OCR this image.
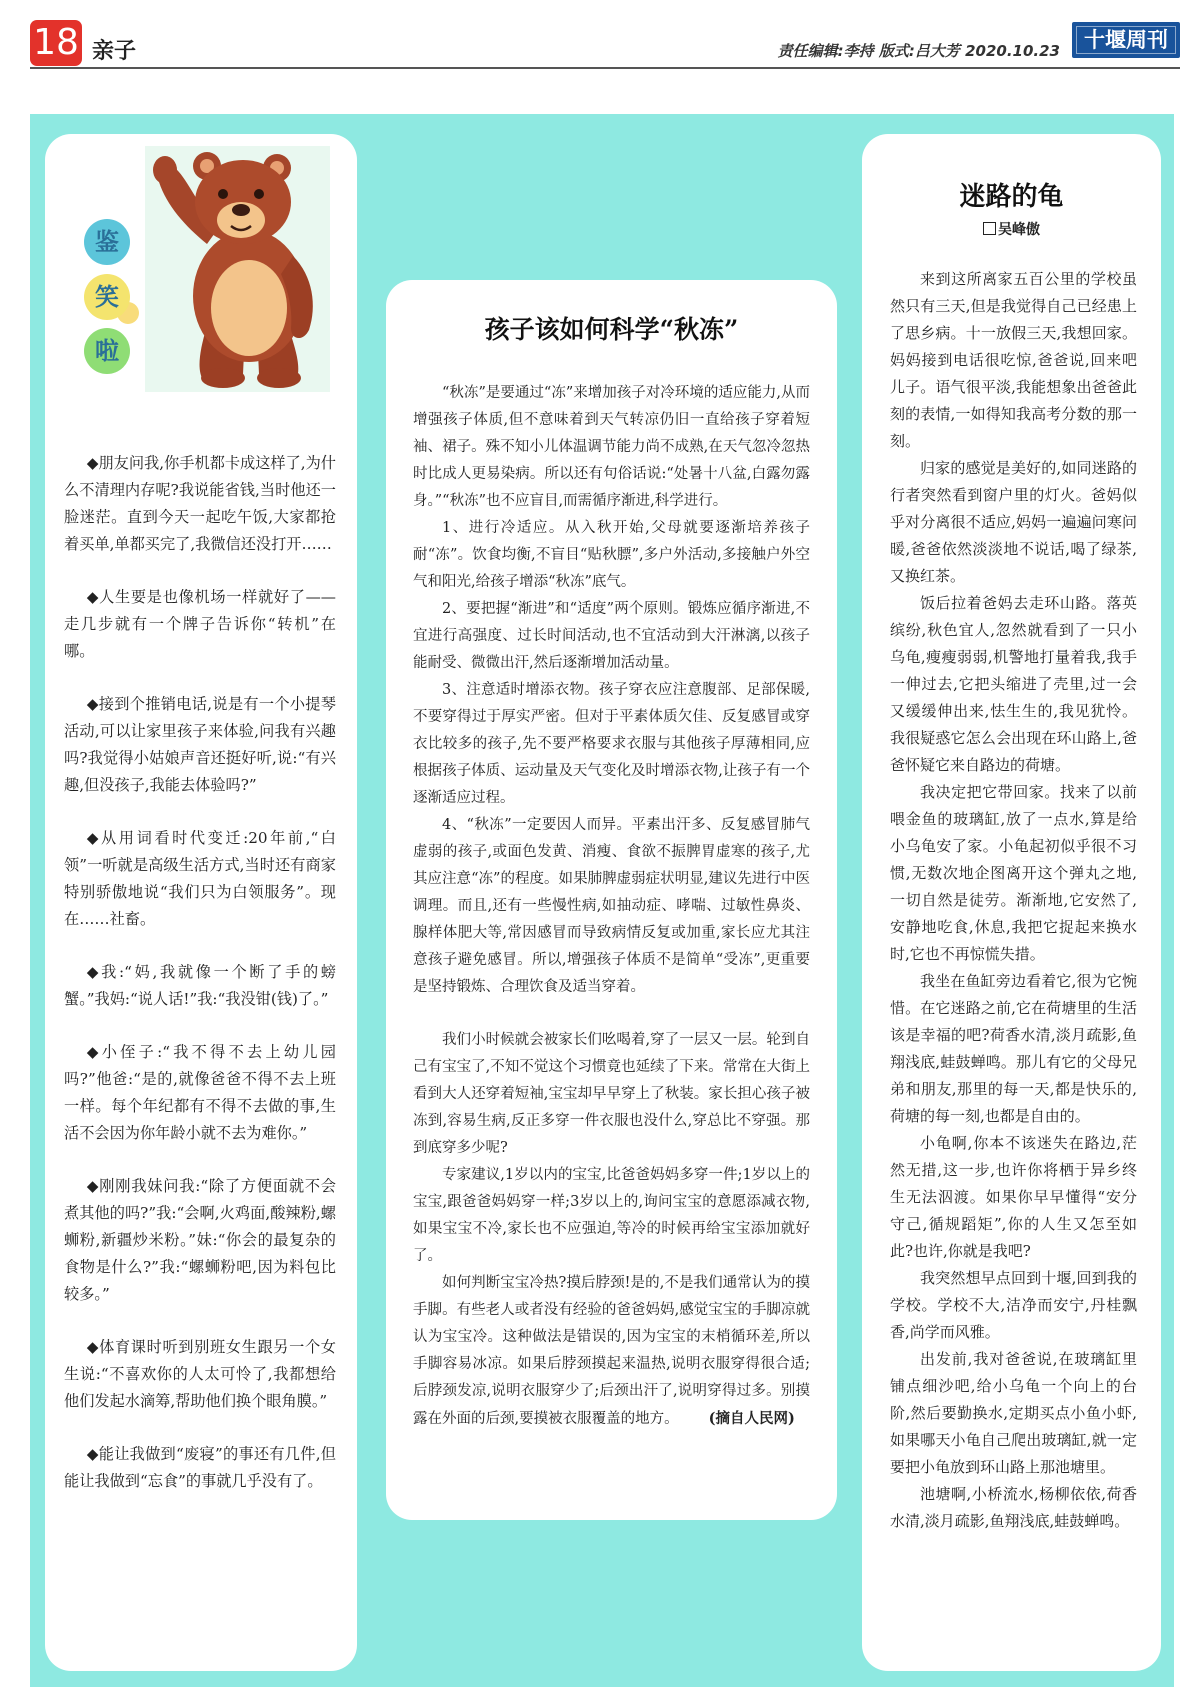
18 亲子	责任编辑:李持 版式:吕大芳 2020.10.23	十堰周刊
鉴
笑
啦

◆朋友问我,你手机都卡成这样了,为什么不清理内存呢?我说能省钱,当时他还一脸迷茫。直到今天一起吃午饭,大家都抢着买单,单都买完了,我微信还没打开……

◆人生要是也像机场一样就好了——走几步就有一个牌子告诉你“转机”在哪。

◆接到个推销电话,说是有一个小提琴活动,可以让家里孩子来体验,问我有兴趣吗?我觉得小姑娘声音还挺好听,说:“有兴趣,但没孩子,我能去体验吗?”

◆从用词看时代变迁:20年前,“白领”一听就是高级生活方式,当时还有商家特别骄傲地说“我们只为白领服务”。现在……社畜。

◆我:“妈,我就像一个断了手的螃蟹。”我妈:“说人话!”我:“我没钳(钱)了。”

◆小侄子:“我不得不去上幼儿园吗?”他爸:“是的,就像爸爸不得不去上班一样。每个年纪都有不得不去做的事,生活不会因为你年龄小就不去为难你。”

◆刚刚我妹问我:“除了方便面就不会煮其他的吗?”我:“会啊,火鸡面,酸辣粉,螺蛳粉,新疆炒米粉。”妹:“你会的最复杂的食物是什么?”我:“螺蛳粉吧,因为料包比较多。”

◆体育课时听到别班女生跟另一个女生说:“不喜欢你的人太可怜了,我都想给他们发起水滴筹,帮助他们换个眼角膜。”

◆能让我做到“废寝”的事还有几件,但能让我做到“忘食”的事就几乎没有了。

孩子该如何科学“秋冻”

“秋冻”是要通过“冻”来增加孩子对冷环境的适应能力,从而增强孩子体质,但不意味着到天气转凉仍旧一直给孩子穿着短袖、裙子。殊不知小儿体温调节能力尚不成熟,在天气忽冷忽热时比成人更易染病。所以还有句俗话说:“处暑十八盆,白露勿露身。”“秋冻”也不应盲目,而需循序渐进,科学进行。

1、进行冷适应。从入秋开始,父母就要逐渐培养孩子耐“冻”。饮食均衡,不盲目“贴秋膘”,多户外活动,多接触户外空气和阳光,给孩子增添“秋冻”底气。

2、要把握“渐进”和“适度”两个原则。锻炼应循序渐进,不宜进行高强度、过长时间活动,也不宜活动到大汗淋漓,以孩子能耐受、微微出汗,然后逐渐增加活动量。

3、注意适时增添衣物。孩子穿衣应注意腹部、足部保暖,不要穿得过于厚实严密。但对于平素体质欠佳、反复感冒或穿衣比较多的孩子,先不要严格要求衣服与其他孩子厚薄相同,应根据孩子体质、运动量及天气变化及时增添衣物,让孩子有一个逐渐适应过程。

4、“秋冻”一定要因人而异。平素出汗多、反复感冒肺气虚弱的孩子,或面色发黄、消瘦、食欲不振脾胃虚寒的孩子,尤其应注意“冻”的程度。如果肺脾虚弱症状明显,建议先进行中医调理。而且,还有一些慢性病,如抽动症、哮喘、过敏性鼻炎、腺样体肥大等,常因感冒而导致病情反复或加重,家长应尤其注意孩子避免感冒。所以,增强孩子体质不是简单“受冻”,更重要是坚持锻炼、合理饮食及适当穿着。

我们小时候就会被家长们吆喝着,穿了一层又一层。轮到自己有宝宝了,不知不觉这个习惯竟也延续了下来。常常在大街上看到大人还穿着短袖,宝宝却早早穿上了秋装。家长担心孩子被冻到,容易生病,反正多穿一件衣服也没什么,穿总比不穿强。那到底穿多少呢?

专家建议,1岁以内的宝宝,比爸爸妈妈多穿一件;1岁以上的宝宝,跟爸爸妈妈穿一样;3岁以上的,询问宝宝的意愿添减衣物,如果宝宝不冷,家长也不应强迫,等冷的时候再给宝宝添加就好了。

如何判断宝宝冷热?摸后脖颈!是的,不是我们通常认为的摸手脚。有些老人或者没有经验的爸爸妈妈,感觉宝宝的手脚凉就认为宝宝冷。这种做法是错误的,因为宝宝的末梢循环差,所以手脚容易冰凉。如果后脖颈摸起来温热,说明衣服穿得很合适;后脖颈发凉,说明衣服穿少了;后颈出汗了,说明穿得过多。别摸露在外面的后颈,要摸被衣服覆盖的地方。 (摘自人民网)

迷路的龟
吴峰傲

来到这所离家五百公里的学校虽然只有三天,但是我觉得自己已经患上了思乡病。十一放假三天,我想回家。妈妈接到电话很吃惊,爸爸说,回来吧儿子。语气很平淡,我能想象出爸爸此刻的表情,一如得知我高考分数的那一刻。

归家的感觉是美好的,如同迷路的行者突然看到窗户里的灯火。爸妈似乎对分离很不适应,妈妈一遍遍问寒问暖,爸爸依然淡淡地不说话,喝了绿茶,又换红茶。

饭后拉着爸妈去走环山路。落英缤纷,秋色宜人,忽然就看到了一只小乌龟,瘦瘦弱弱,机警地打量着我,我手一伸过去,它把头缩进了壳里,过一会又缓缓伸出来,怯生生的,我见犹怜。我很疑惑它怎么会出现在环山路上,爸爸怀疑它来自路边的荷塘。

我决定把它带回家。找来了以前喂金鱼的玻璃缸,放了一点水,算是给小乌龟安了家。小龟起初似乎很不习惯,无数次地企图离开这个弹丸之地,一切自然是徒劳。渐渐地,它安然了,安静地吃食,休息,我把它捉起来换水时,它也不再惊慌失措。

我坐在鱼缸旁边看着它,很为它惋惜。在它迷路之前,它在荷塘里的生活该是幸福的吧?荷香水清,淡月疏影,鱼翔浅底,蛙鼓蝉鸣。那儿有它的父母兄弟和朋友,那里的每一天,都是快乐的,荷塘的每一刻,也都是自由的。

小龟啊,你本不该迷失在路边,茫然无措,这一步,也许你将栖于异乡终生无法泅渡。如果你早早懂得“安分守己,循规蹈矩”,你的人生又怎至如此?也许,你就是我吧?

我突然想早点回到十堰,回到我的学校。学校不大,洁净而安宁,丹桂飘香,尚学而风雅。

出发前,我对爸爸说,在玻璃缸里铺点细沙吧,给小乌龟一个向上的台阶,然后要勤换水,定期买点小鱼小虾,如果哪天小龟自己爬出玻璃缸,就一定要把小龟放到环山路上那池塘里。

池塘啊,小桥流水,杨柳依依,荷香水清,淡月疏影,鱼翔浅底,蛙鼓蝉鸣。
